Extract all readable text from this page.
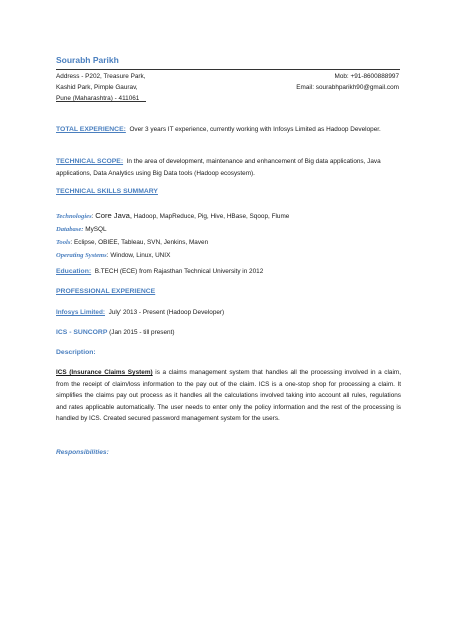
Sourabh Parikh
Address - P202, Treasure Park,
Kashid Park, Pimple Gaurav,
Pune (Maharashtra) - 411061
Mob: +91-8600888997
Email: sourabhparikh90@gmail.com
TOTAL EXPERIENCE: Over 3 years IT experience, currently working with Infosys Limited as Hadoop Developer.
TECHNICAL SCOPE: In the area of development, maintenance and enhancement of Big data applications, Java applications, Data Analytics using Big Data tools (Hadoop ecosystem).
TECHNICAL SKILLS SUMMARY
Technologies: Core Java, Hadoop, MapReduce, Pig, Hive, HBase, Sqoop, Flume
Database: MySQL
Tools: Eclipse, OBIEE, Tableau, SVN, Jenkins, Maven
Operating Systems: Window, Linux, UNIX
Education: B.TECH (ECE) from Rajasthan Technical University in 2012
PROFESSIONAL EXPERIENCE
Infosys Limited: July' 2013 - Present (Hadoop Developer)
ICS - SUNCORP (Jan 2015 - till present)
Description:

ICS (Insurance Claims System) is a claims management system that handles all the processing involved in a claim, from the receipt of claim/loss information to the pay out of the claim. ICS is a one-stop shop for processing a claim. It simplifies the claims pay out process as it handles all the calculations involved taking into account all rules, regulations and rates applicable automatically. The user needs to enter only the policy information and the rest of the processing is handled by ICS. Created secured password management system for the users.

Responsibilities:
